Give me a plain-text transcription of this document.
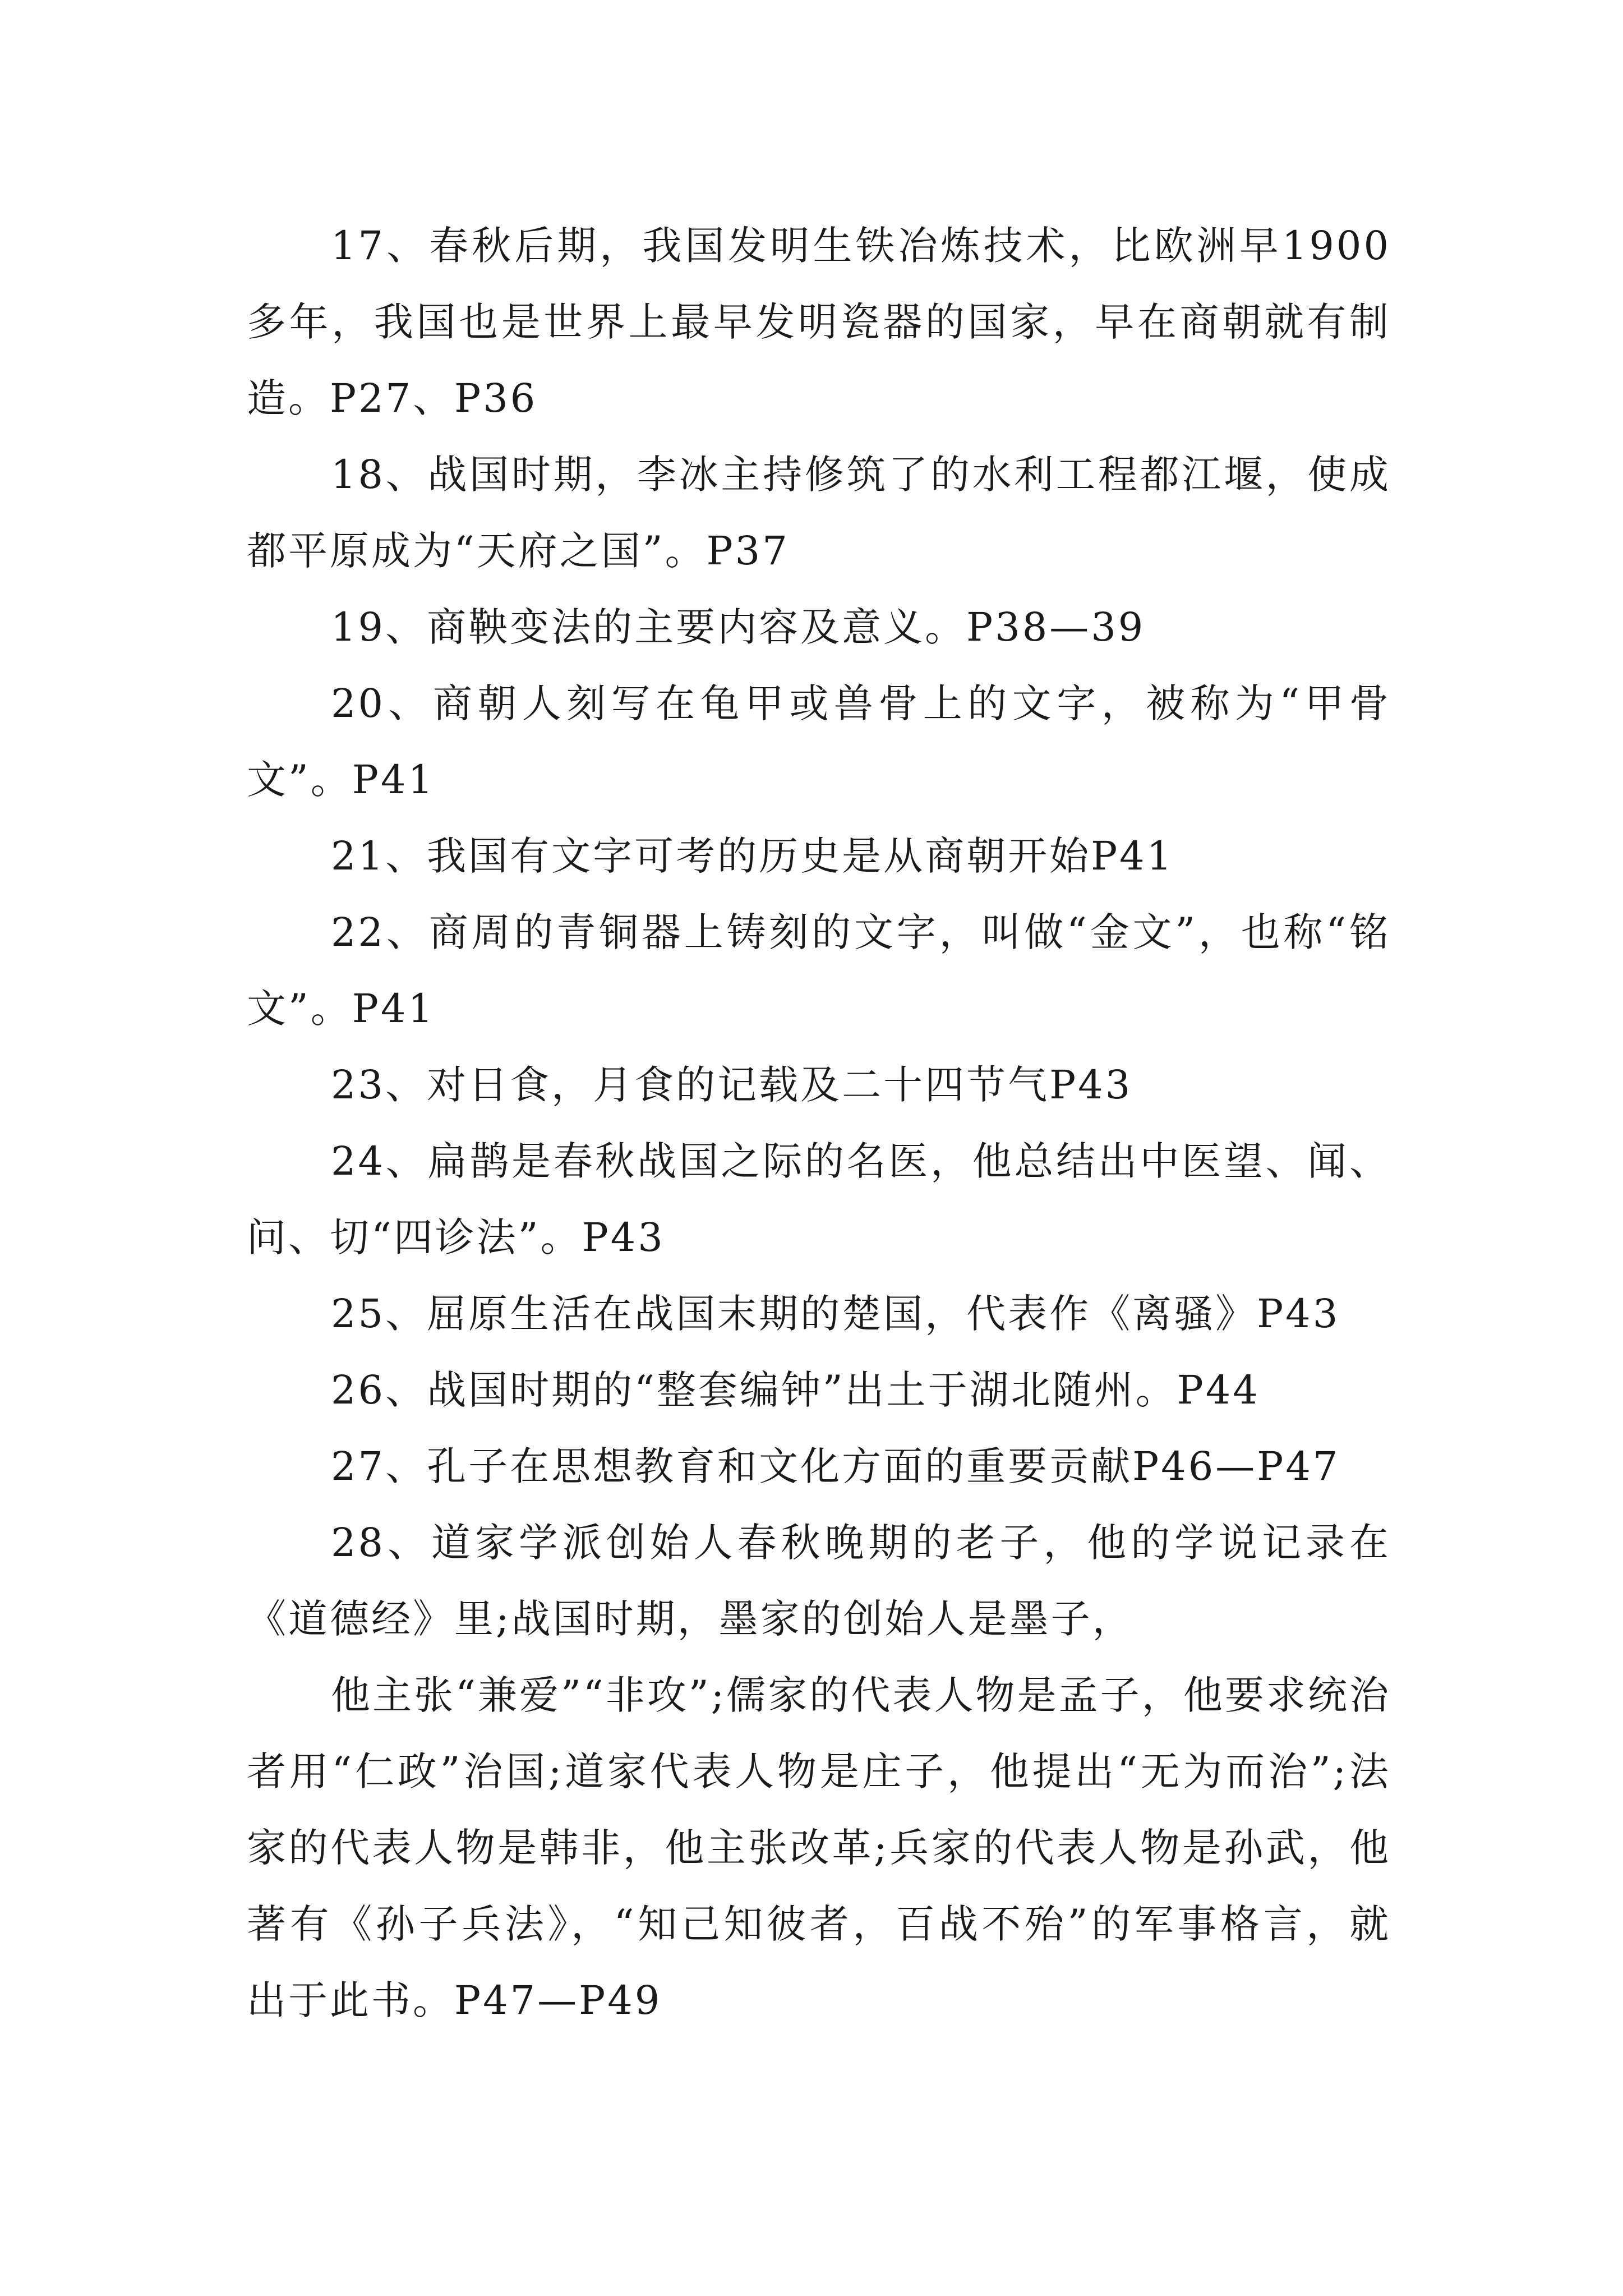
17、春秋后期，我国发明生铁冶炼技术，比欧洲早1900多年，我国也是世界上最早发明瓷器的国家，早在商朝就有制造。P27、P36

18、战国时期，李冰主持修筑了的水利工程都江堰，使成都平原成为“天府之国”。P37

19、商鞅变法的主要内容及意义。P38—39

20、商朝人刻写在龟甲或兽骨上的文字，被称为“甲骨文”。P41

21、我国有文字可考的历史是从商朝开始P41

22、商周的青铜器上铸刻的文字，叫做“金文”，也称“铭文”。P41

23、对日食，月食的记载及二十四节气P43

24、扁鹊是春秋战国之际的名医，他总结出中医望、闻、问、切“四诊法”。P43

25、屈原生活在战国末期的楚国，代表作《离骚》P43

26、战国时期的“整套编钟”出土于湖北随州。P44

27、孔子在思想教育和文化方面的重要贡献P46—P47

28、道家学派创始人春秋晚期的老子，他的学说记录在《道德经》里;战国时期，墨家的创始人是墨子，

他主张“兼爱”“非攻”;儒家的代表人物是孟子，他要求统治者用“仁政”治国;道家代表人物是庄子，他提出“无为而治”;法家的代表人物是韩非，他主张改革;兵家的代表人物是孙武，他著有《孙子兵法》，“知己知彼者，百战不殆”的军事格言，就出于此书。P47—P49
